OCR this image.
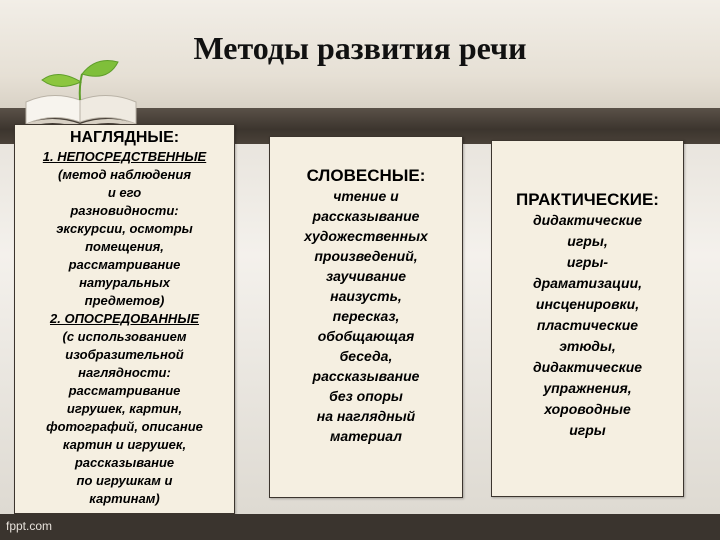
Методы развития речи
НАГЛЯДНЫЕ:
1. НЕПОСРЕДСТВЕННЫЕ
(метод наблюдения
и его
разновидности:
экскурсии, осмотры
помещения,
рассматривание
натуральных
предметов)
2. ОПОСРЕДОВАННЫЕ
(с использованием
изобразительной
наглядности:
рассматривание
игрушек, картин,
фотографий, описание
картин и игрушек,
рассказывание
по игрушкам и
картинам)
СЛОВЕСНЫЕ:
чтение и
рассказывание
художественных
произведений,
заучивание
наизусть,
пересказ,
обобщающая
беседа,
рассказывание
без опоры
на наглядный
материал
ПРАКТИЧЕСКИЕ:
дидактические
игры,
игры-
драматизации,
инсценировки,
пластические
этюды,
дидактические
упражнения,
хороводные
игры
fppt.com
